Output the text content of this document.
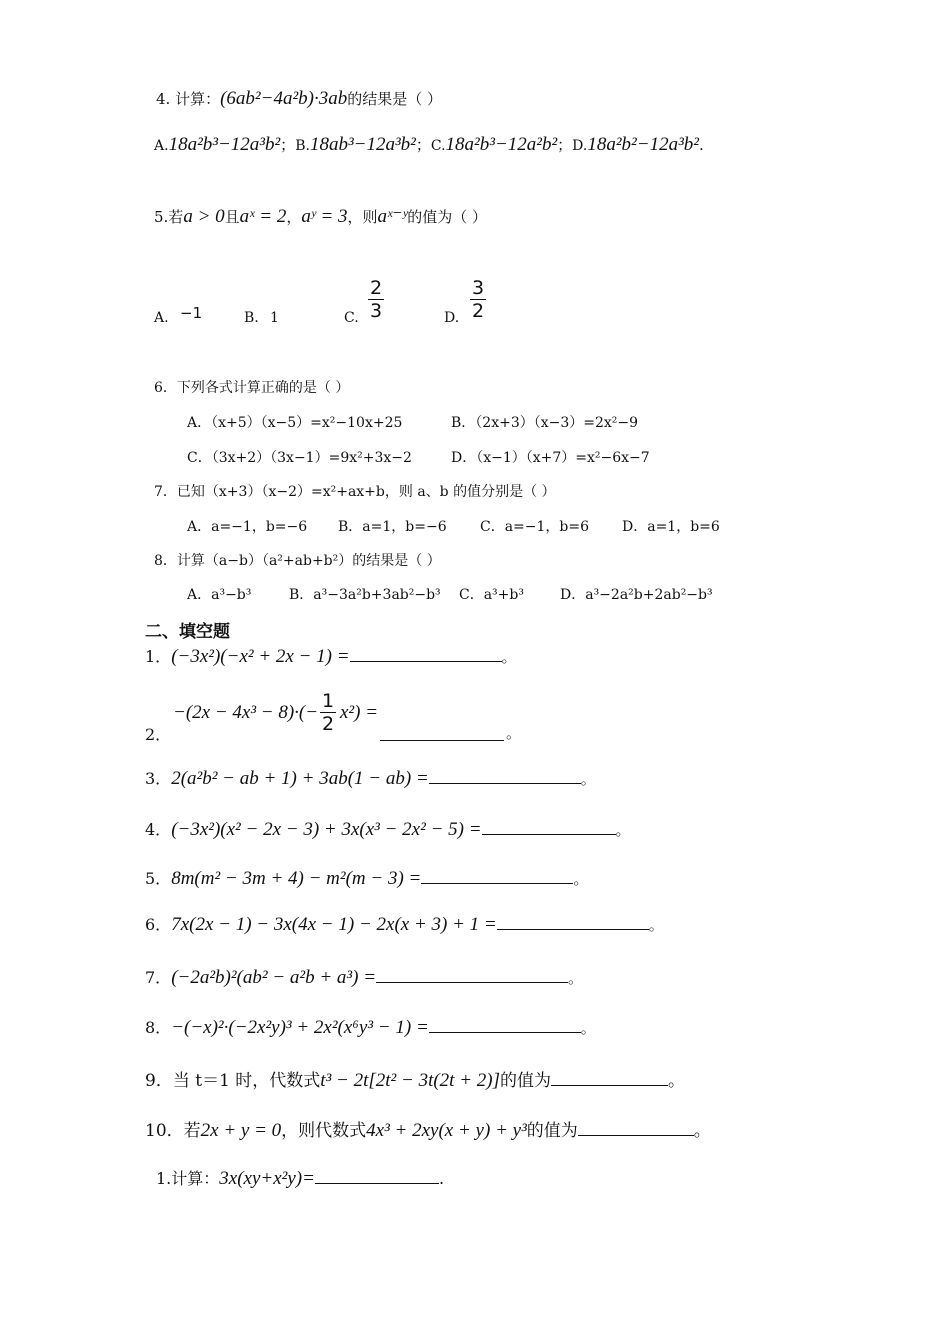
4. 计算：(6ab²−4a²b)·3ab的结果是（ ）
A.18a²b³−12a³b²；B.18ab³−12a³b²；C.18a²b³−12a²b²；D.18a²b²−12a³b².
5.若a > 0且aˣ = 2，aʸ = 3，则aˣ⁻ʸ的值为（ ）
A. −1	B. 1	C. $\frac{2}{3}$	D. $\frac{3}{2}$
6．下列各式计算正确的是（ ）
A．（x+5）（x−5）=x²−10x+25	B．（2x+3）（x−3）=2x²−9
C．（3x+2）（3x−1）=9x²+3x−2	D．（x−1）（x+7）=x²−6x−7
7．已知（x+3）（x−2）=x²+ax+b，则 a、b 的值分别是（ ）
A．a=−1，b=−6 B．a=1，b=−6 C．a=−1，b=6 D．a=1，b=6
8．计算（a−b）（a²+ab+b²）的结果是（ ）
A．a³−b³	B．a³−3a²b+3ab²−b³ C．a³+b³	D．a³−2a²b+2ab²−b³
二、填空题
1．(−3x²)(−x² + 2x − 1) =	。
2．
$-(2x - 4x^3 - 8)\cdot(- \frac{1}{2} x^2)$ =
。
3．2(a²b² − ab + 1) + 3ab(1 − ab) =	。
4．(−3x²)(x² − 2x − 3) + 3x(x³ − 2x² − 5) =	。
5．8m(m² − 3m + 4) − m²(m − 3) =	。
6．7x(2x − 1) − 3x(4x − 1) − 2x(x + 3) + 1 =	。
7．(−2a²b)²(ab² − a²b + a³) =	。
8．−(−x)²·(−2x²y)³ + 2x²(x⁶y³ − 1) =	。
9．当 t＝1 时，代数式t³ − 2t[2t² − 3t(2t + 2)]的值为	。
10．若2x + y = 0，则代数式4x³ + 2xy(x + y) + y³的值为	。
1.计算：3x(xy+x²y)=	.
